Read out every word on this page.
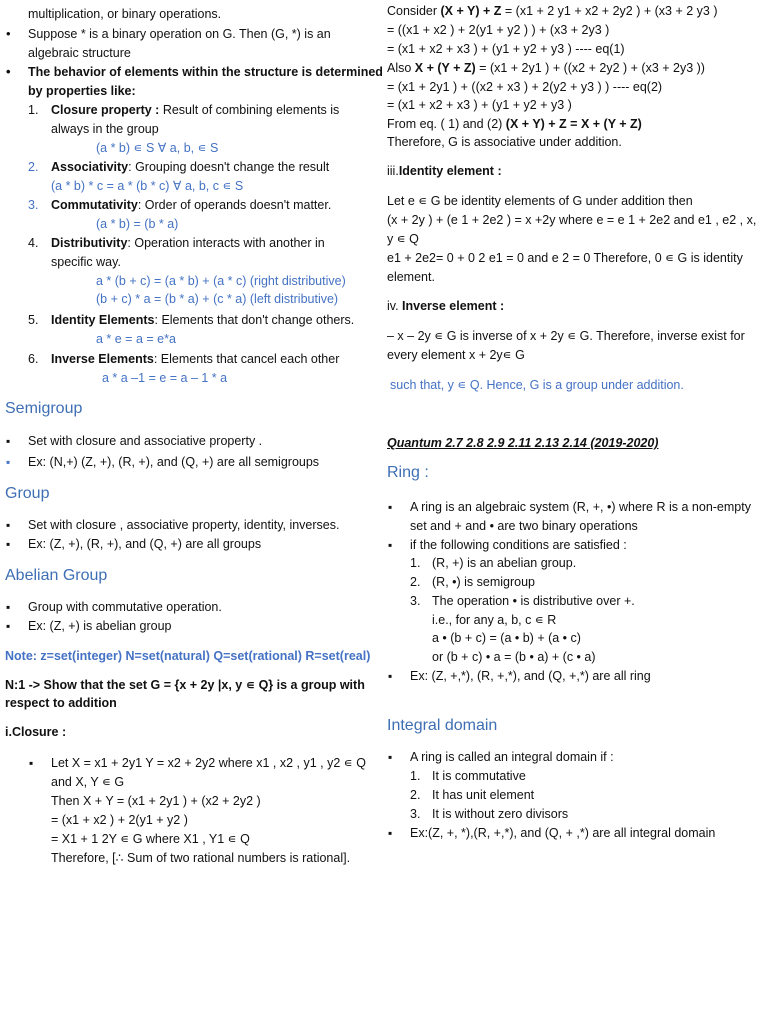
multiplication, or binary operations.
Suppose * is a binary operation on G. Then (G, *) is an
algebraic structure
The behavior of elements within the structure is determined
by properties like:
1. Closure property : Result of combining elements is
always in the group
(a * b) ∊ S ∀ a, b, ∊ S
2. Associativity: Grouping doesn't change the result
(a * b) * c = a * (b * c) ∀ a, b, c ∊ S
3. Commutativity: Order of operands doesn't matter.
(a * b) = (b * a)
4. Distributivity: Operation interacts with another in
specific way.
a * (b + c) = (a * b) + (a * c) (right distributive)
(b + c) * a = (b * a) + (c * a) (left distributive)
5. Identity Elements: Elements that don't change others.
a * e = a = e*a
6. Inverse Elements: Elements that cancel each other
a * a –1 = e = a – 1 * a
Semigroup
Set with closure and associative property .
Ex: (N,+) (Z, +), (R, +), and (Q, +) are all semigroups
Group
Set with closure , associative property, identity, inverses.
Ex: (Z, +), (R, +), and (Q, +) are all groups
Abelian Group
Group with commutative operation.
Ex: (Z, +) is abelian group
Note: z=set(integer) N=set(natural) Q=set(rational) R=set(real)
N:1 -> Show that the set G = {x + 2y |x, y ∊ Q} is a group with
respect to addition
i.Closure :
Let X = x1 + 2y1 Y = x2 + 2y2 where x1 , x2 , y1 , y2 ∊ Q
and X, Y ∊ G
Then X + Y = (x1 + 2y1 ) + (x2 + 2y2 )
= (x1 + x2 ) + 2(y1 + y2 )
= X1 + 1 2Y ∊ G where X1 , Y1 ∊ Q
Therefore, [∴ Sum of two rational numbers is rational].
Consider (X + Y) + Z = (x1 + 2 y1 + x2 + 2y2 ) + (x3 + 2 y3 )
= ((x1 + x2 ) + 2(y1 + y2 ) ) + (x3 + 2y3 )
= (x1 + x2 + x3 ) + (y1 + y2 + y3 ) ---- eq(1)
Also X + (Y + Z) = (x1 + 2y1 ) + ((x2 + 2y2 ) + (x3 + 2y3 ))
= (x1 + 2y1 ) + ((x2 + x3 ) + 2(y2 + y3 ) ) ---- eq(2)
= (x1 + x2 + x3 ) + (y1 + y2 + y3 )
From eq. ( 1) and (2) (X + Y) + Z = X + (Y + Z)
Therefore, G is associative under addition.
iii.Identity element :
Let e ∊ G be identity elements of G under addition then
(x + 2y ) + (e 1 + 2e2 ) = x +2y where e = e 1 + 2e2 and e1 , e2 , x,
y ∊ Q
e1 + 2e2= 0 + 0 2 e1 = 0 and e 2 = 0 Therefore, 0 ∊ G is identity
element.
iv. Inverse element :
– x – 2y ∊ G is inverse of x + 2y ∊ G. Therefore, inverse exist for
every element x + 2y∊ G
such that, y ∊ Q. Hence, G is a group under addition.
Quantum 2.7 2.8 2.9 2.11 2.13 2.14 (2019-2020)
Ring :
A ring is an algebraic system (R, +, •) where R is a non-empty
set and + and • are two binary operations
if the following conditions are satisfied :
1. (R, +) is an abelian group.
2. (R, •) is semigroup
3. The operation • is distributive over +.
i.e., for any a, b, c ∊ R
a • (b + c) = (a • b) + (a • c)
or (b + c) • a = (b • a) + (c • a)
Ex: (Z, +,*), (R, +,*), and (Q, +,*) are all ring
Integral domain
A ring is called an integral domain if :
1. It is commutative
2. It has unit element
3. It is without zero divisors
Ex:(Z, +, *),(R, +,*), and (Q, + ,*) are all integral domain
